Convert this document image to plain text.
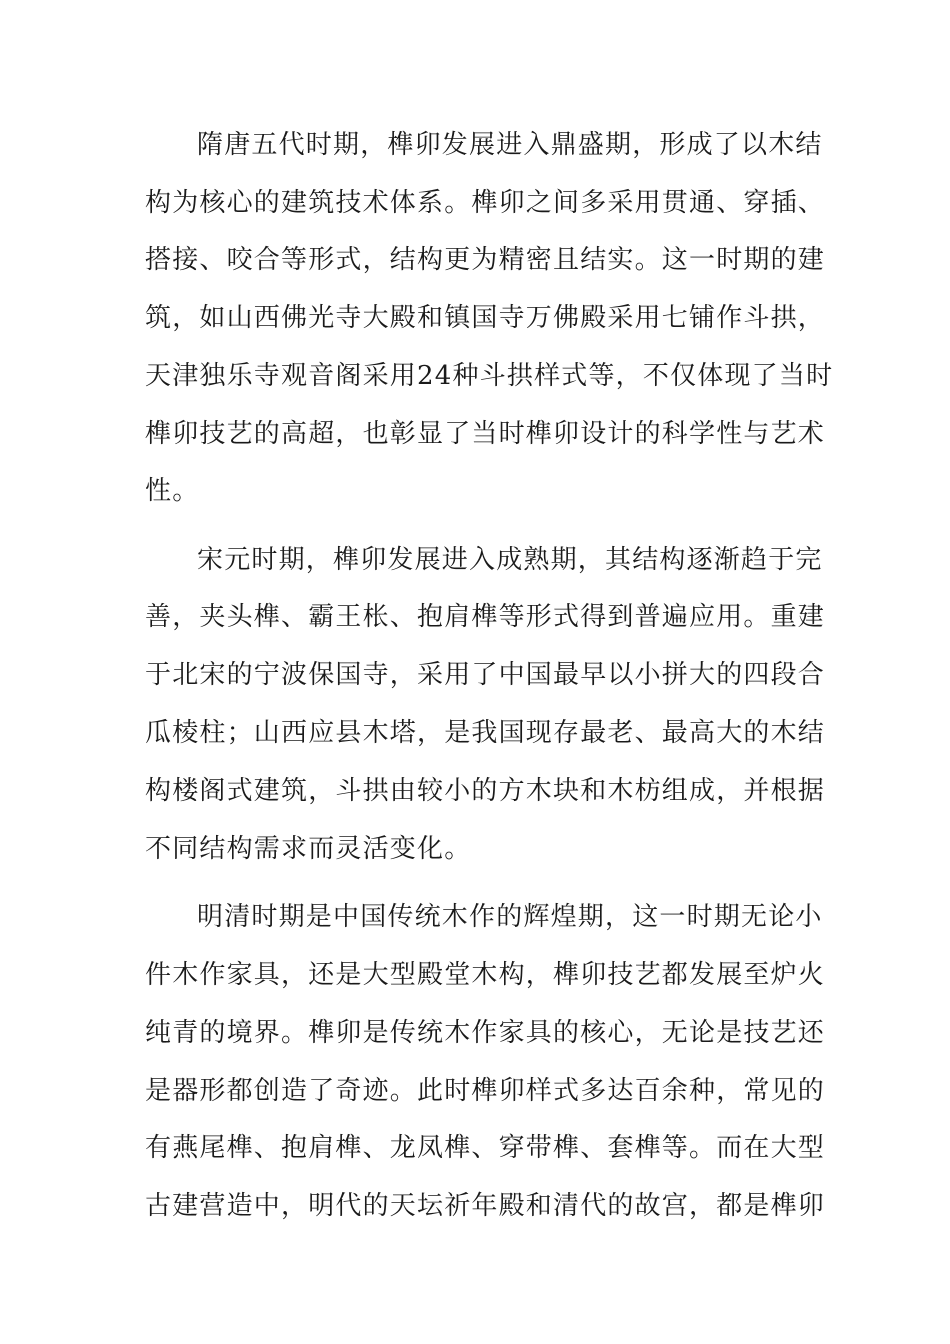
隋唐五代时期，榫卯发展进入鼎盛期，形成了以木结
构为核心的建筑技术体系。榫卯之间多采用贯通、穿插、
搭接、咬合等形式，结构更为精密且结实。这一时期的建
筑，如山西佛光寺大殿和镇国寺万佛殿采用七铺作斗拱，
天津独乐寺观音阁采用24种斗拱样式等，不仅体现了当时
榫卯技艺的高超，也彰显了当时榫卯设计的科学性与艺术
性。
宋元时期，榫卯发展进入成熟期，其结构逐渐趋于完
善，夹头榫、霸王枨、抱肩榫等形式得到普遍应用。重建
于北宋的宁波保国寺，采用了中国最早以小拼大的四段合
瓜棱柱；山西应县木塔，是我国现存最老、最高大的木结
构楼阁式建筑，斗拱由较小的方木块和木枋组成，并根据
不同结构需求而灵活变化。
明清时期是中国传统木作的辉煌期，这一时期无论小
件木作家具，还是大型殿堂木构，榫卯技艺都发展至炉火
纯青的境界。榫卯是传统木作家具的核心，无论是技艺还
是器形都创造了奇迹。此时榫卯样式多达百余种，常见的
有燕尾榫、抱肩榫、龙凤榫、穿带榫、套榫等。而在大型
古建营造中，明代的天坛祈年殿和清代的故宫，都是榫卯
